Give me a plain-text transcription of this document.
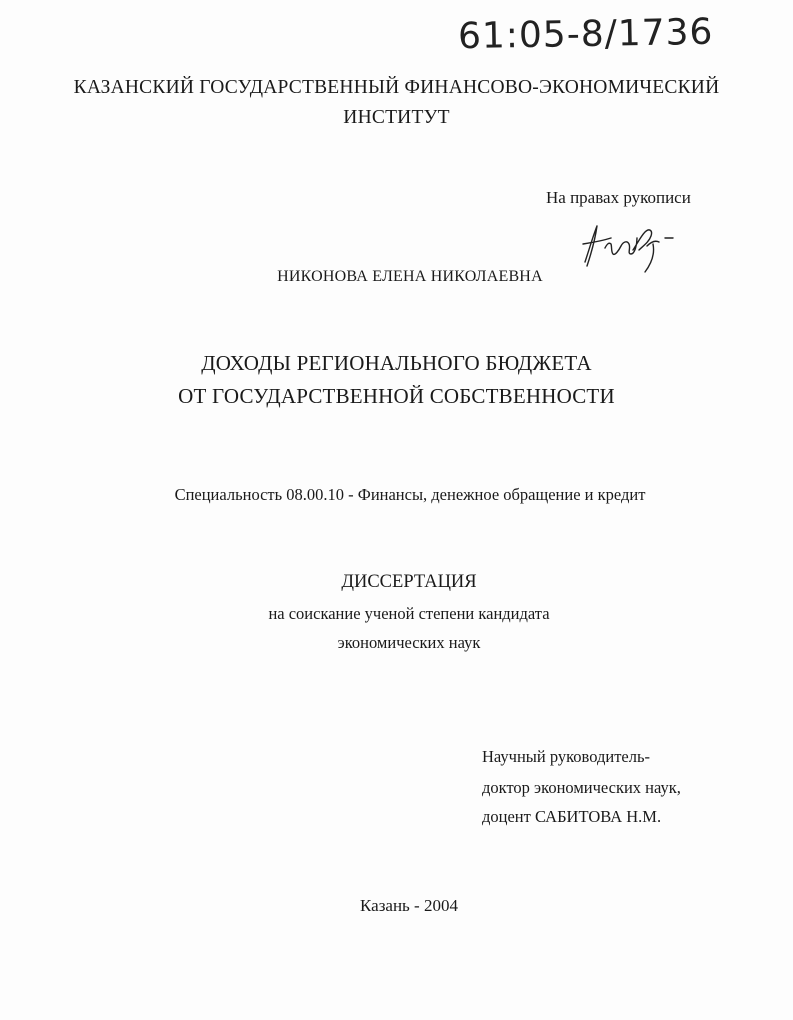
61:05-8/1736
КАЗАНСКИЙ ГОСУДАРСТВЕННЫЙ ФИНАНСОВО-ЭКОНОМИЧЕСКИЙ
ИНСТИТУТ
На правах рукописи
НИКОНОВА ЕЛЕНА НИКОЛАЕВНА
ДОХОДЫ РЕГИОНАЛЬНОГО БЮДЖЕТА
ОТ ГОСУДАРСТВЕННОЙ СОБСТВЕННОСТИ
Специальность 08.00.10 - Финансы, денежное обращение и кредит
ДИССЕРТАЦИЯ
на соискание ученой степени кандидата
экономических наук
Научный руководитель-
доктор экономических наук,
доцент САБИТОВА Н.М.
Казань - 2004
